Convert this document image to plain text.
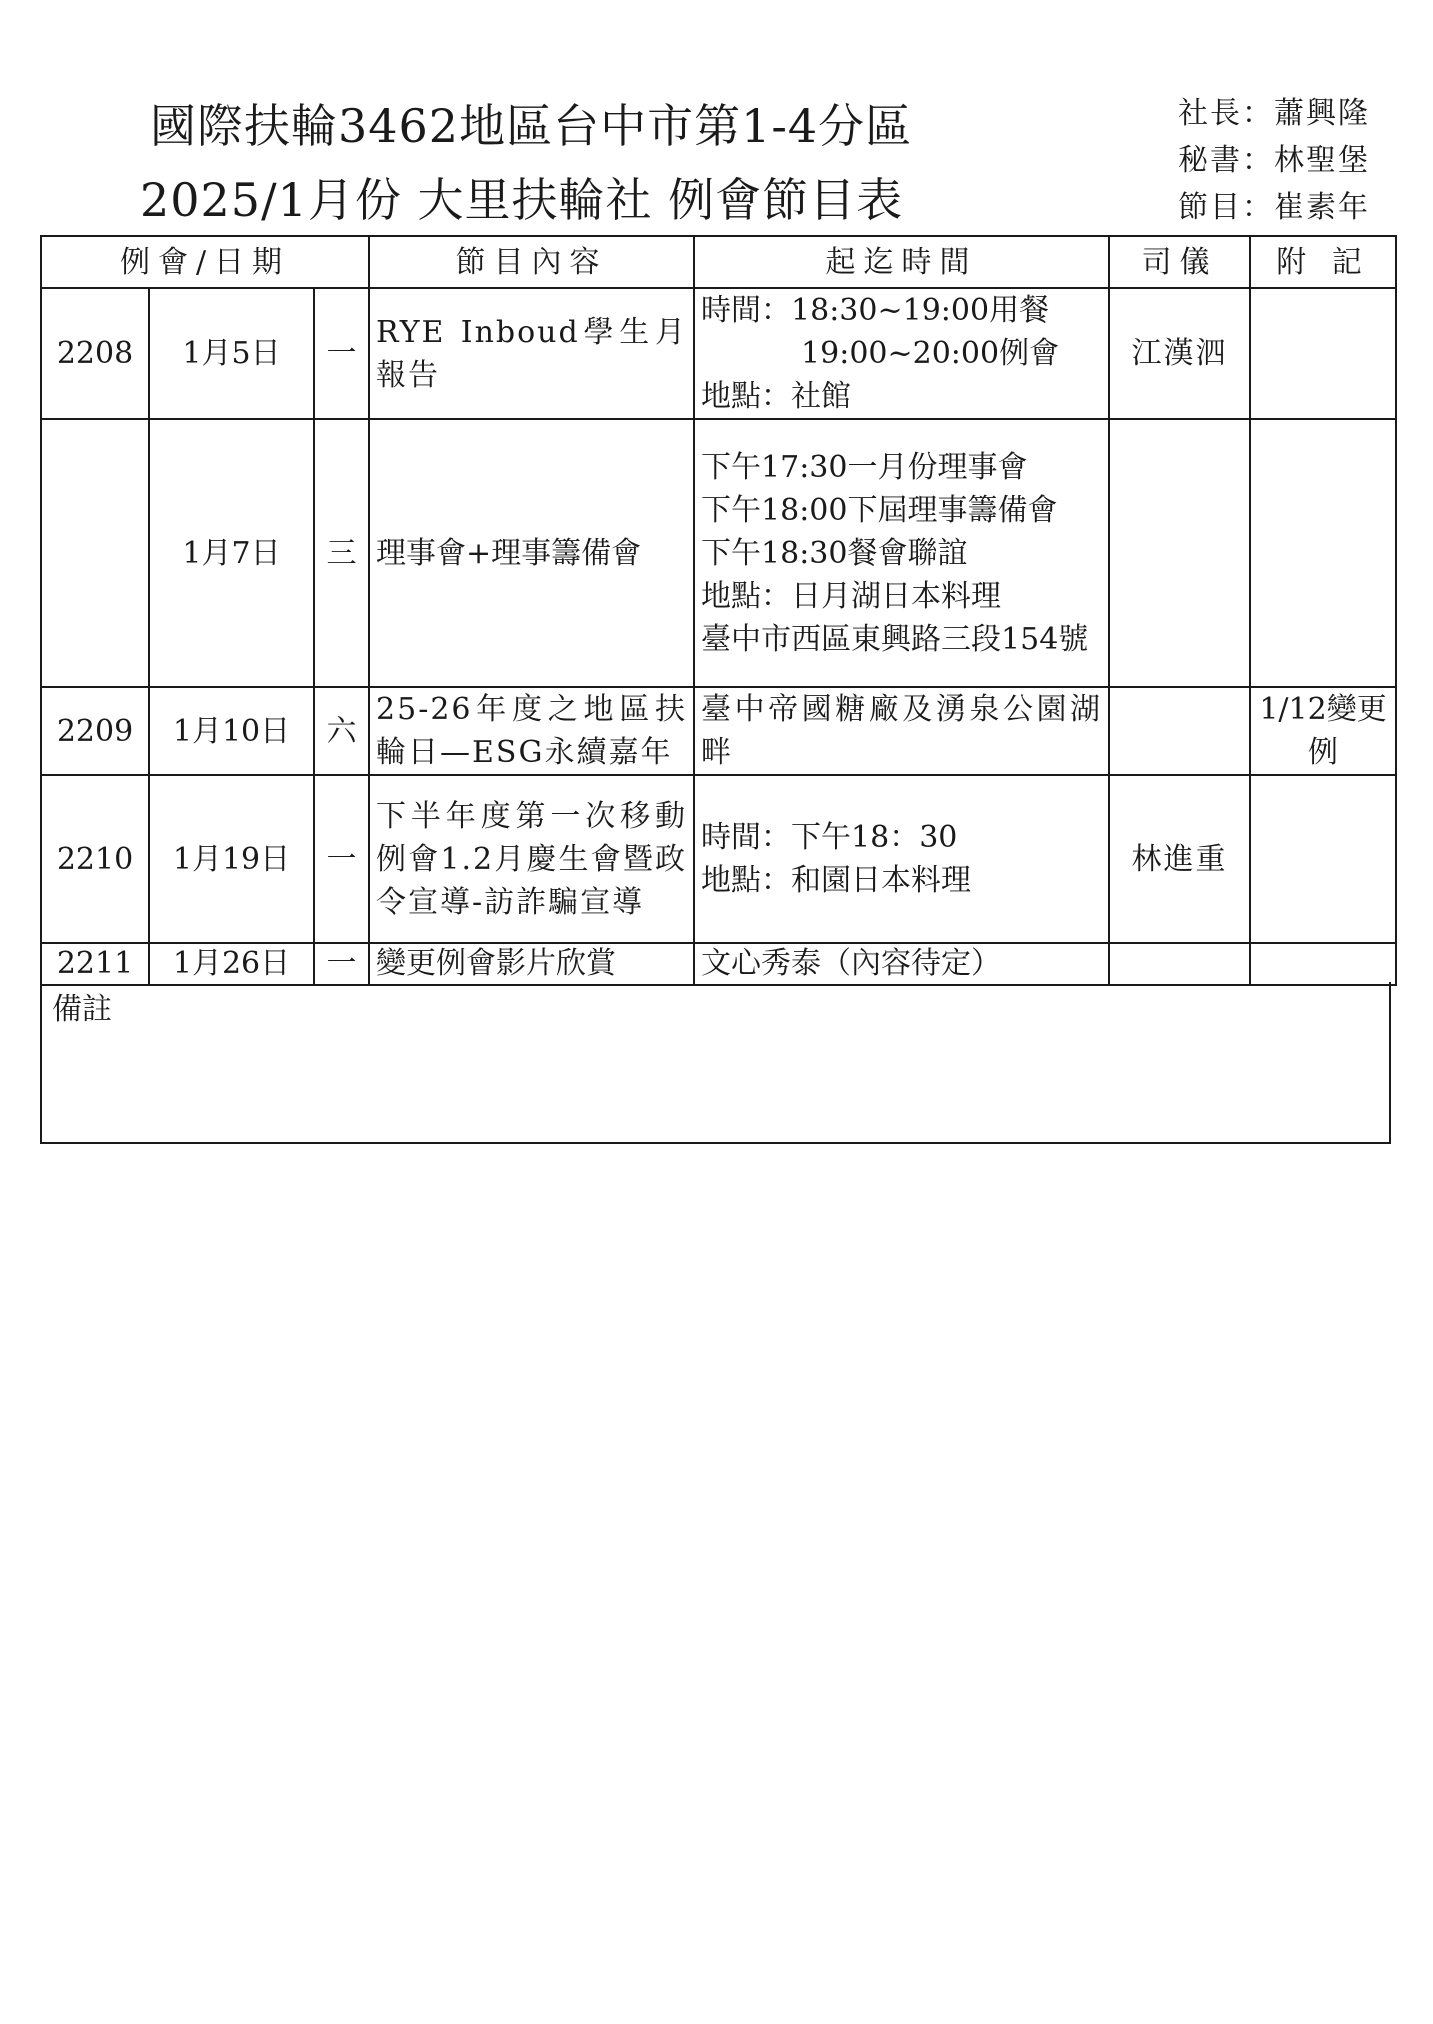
國際扶輪3462地區台中市第1-4分區
2025/1月份 大里扶輪社 例會節目表
社長：蕭興隆
秘書：林聖堡
節目：崔素年
例會/日期			節目內容	起迄時間	司儀	附 記
2208	1月5日	一	RYE Inboud學生月報告	時間：18:30~19:00用餐
19:00~20:00例會
地點：社館	江漢泗	
	1月7日	三	理事會+理事籌備會	下午17:30一月份理事會
下午18:00下屆理事籌備會
下午18:30餐會聯誼
地點：日月湖日本料理
臺中市西區東興路三段154號		

2209	1月10日	六	25-26年度之地區扶輪日—ESG永續嘉年	臺中帝國糖廠及湧泉公園湖畔		1/12變更例
2210	1月19日	一	下半年度第一次移動例會1.2月慶生會暨政令宣導-訪詐騙宣導	時間：下午18：30
地點：和園日本料理	林進重	
2211	1月26日	一	變更例會影片欣賞	文心秀泰（內容待定）		
備註
